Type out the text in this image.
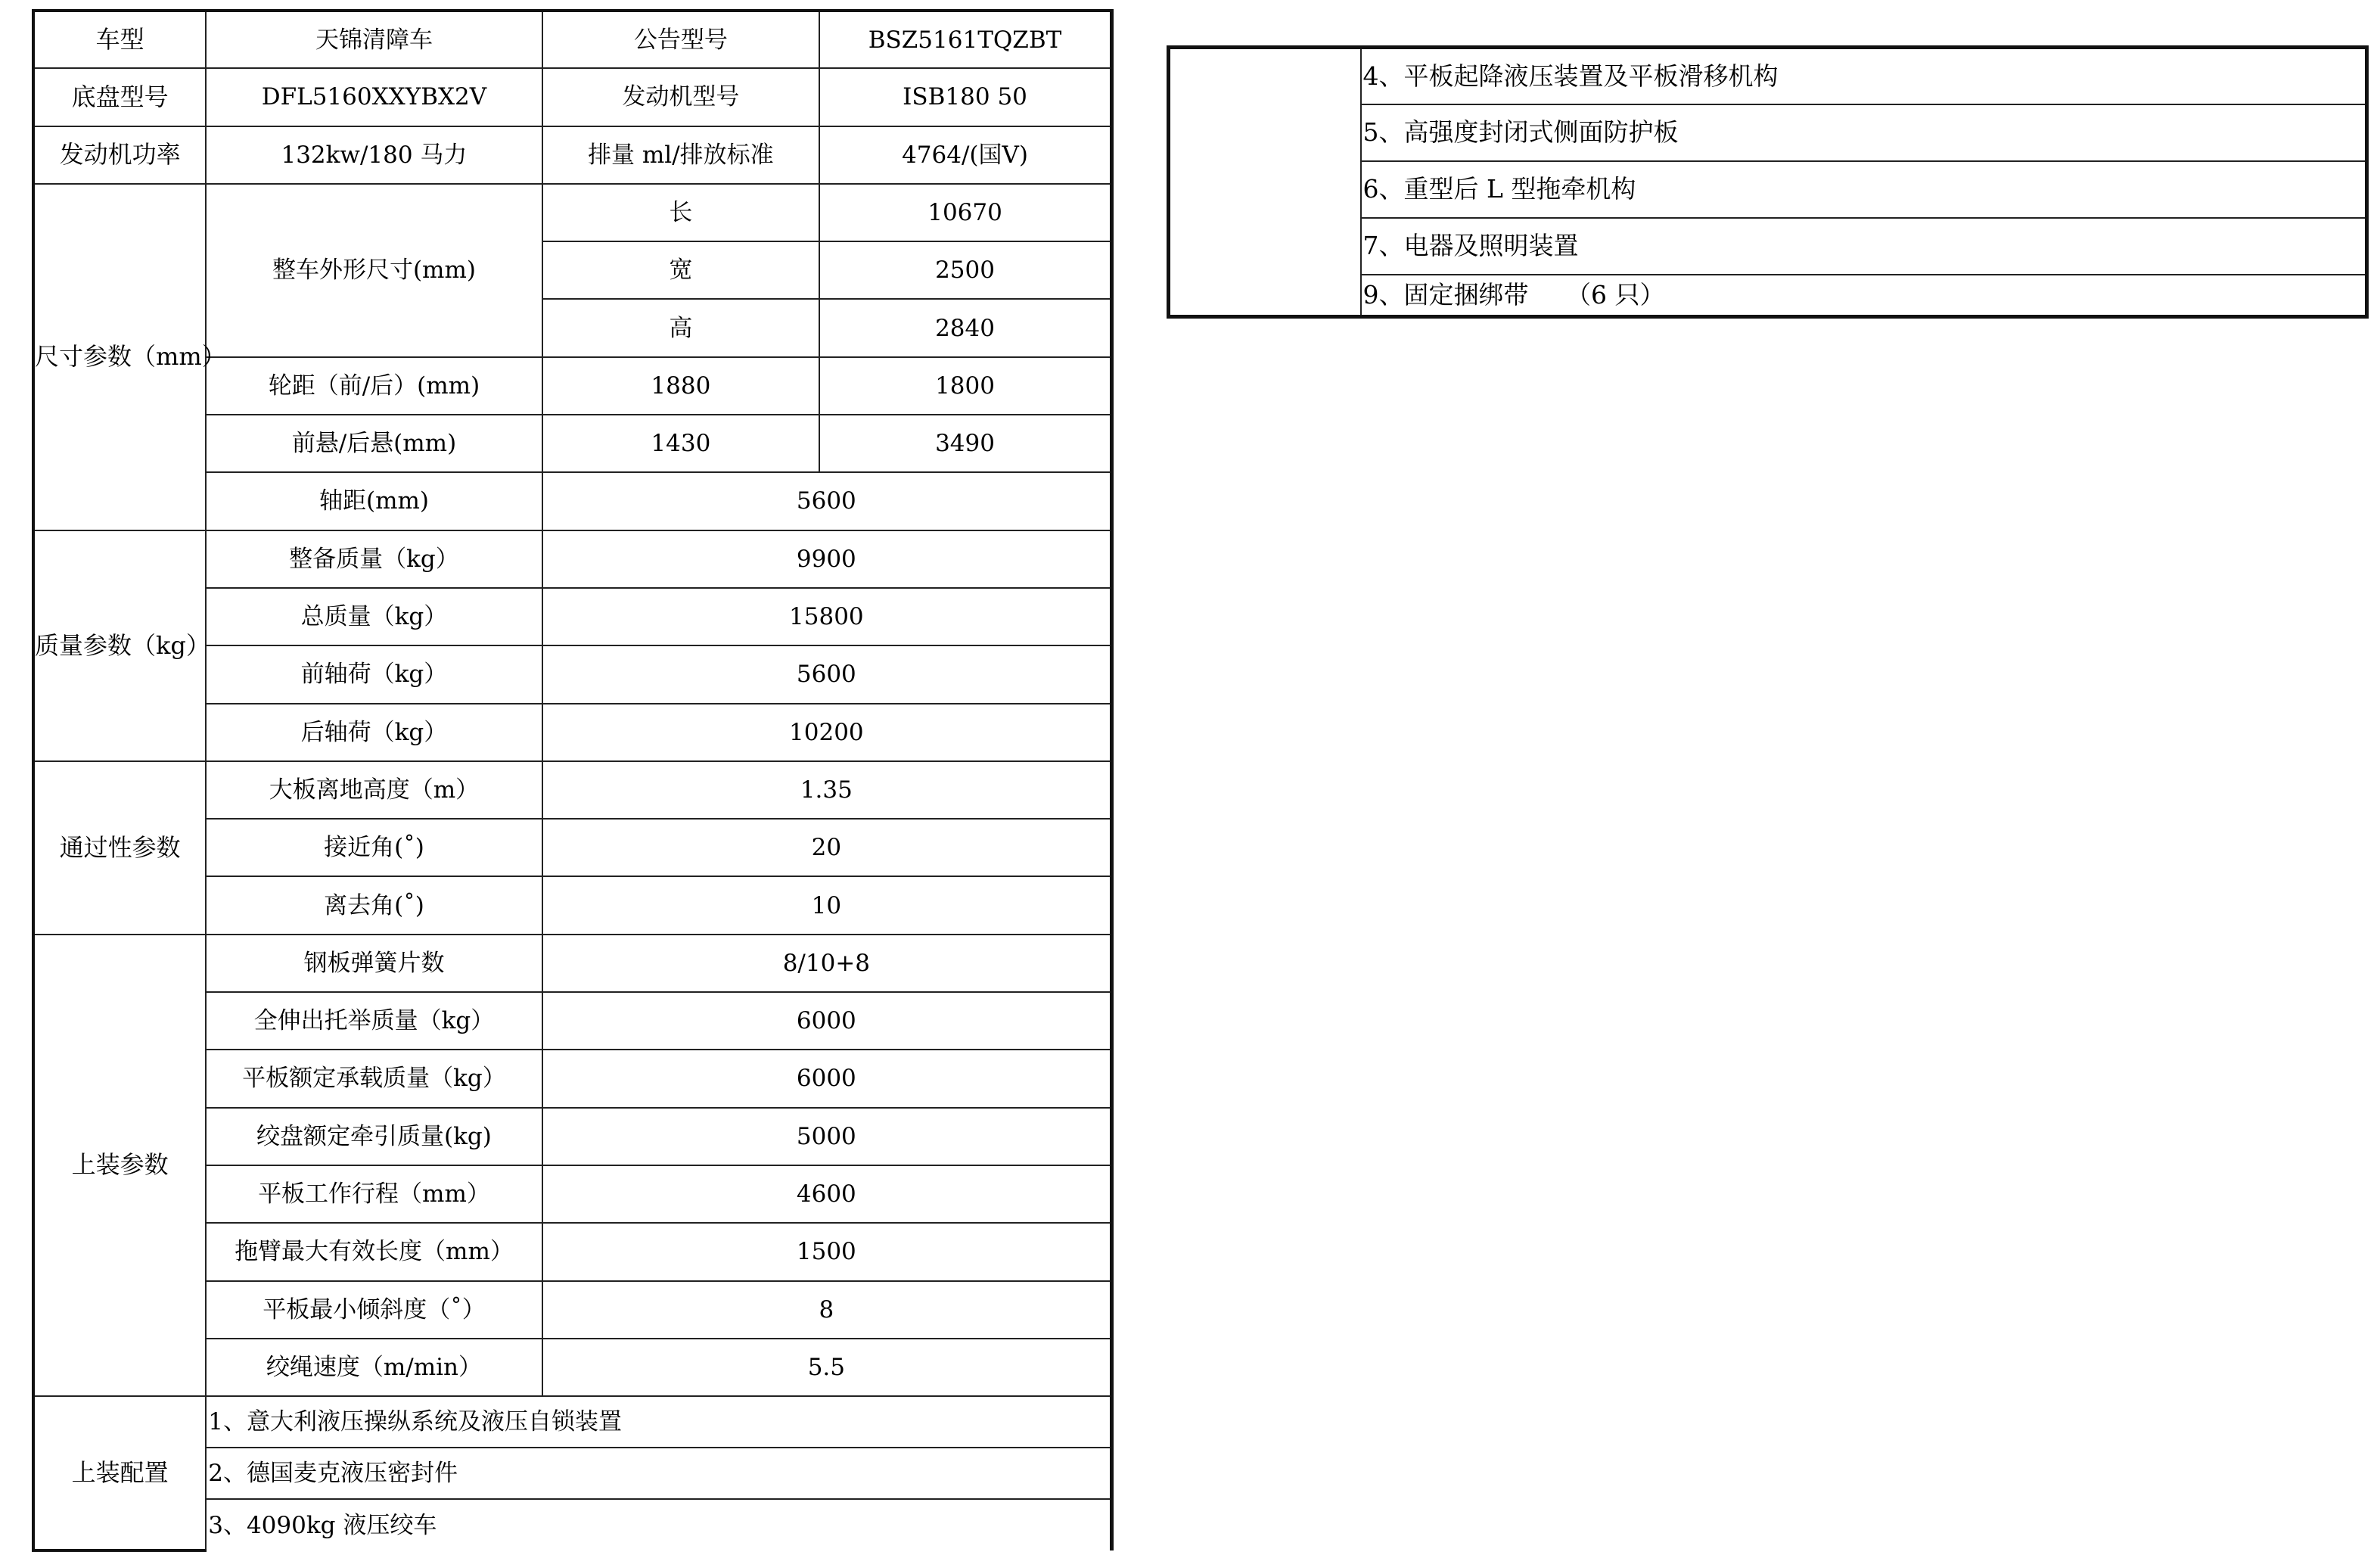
车型	天锦清障车	公告型号	BSZ5161TQZBT
底盘型号	DFL5160XXYBX2V	发动机型号	ISB180 50
发动机功率	132kw/180 马力	排量 ml/排放标准	4764/(国Ⅴ)
尺寸参数（mm）	整车外形尺寸(mm)	长	10670
		宽	2500
		高	2840
	轮距（前/后）(mm)	1880	1800
	前悬/后悬(mm)	1430	3490
	轴距(mm)	5600	
质量参数（kg）	整备质量（kg）	9900	
	总质量（kg）	15800	
	前轴荷（kg）	5600	
	后轴荷（kg）	10200	
通过性参数	大板离地高度（m）	1.35	
	接近角(˚)	20	
	离去角(˚)	10	
上装参数	钢板弹簧片数	8/10+8	
	全伸出托举质量（kg）	6000	
	平板额定承载质量（kg）	6000	
	绞盘额定牵引质量(kg)	5000	
	平板工作行程（mm）	4600	
	拖臂最大有效长度（mm）	1500	
	平板最小倾斜度（˚）	8	
	绞绳速度（m/min）	5.5	
上装配置	1、意大利液压操纵系统及液压自锁装置		
	2、德国麦克液压密封件		
	3、4090kg 液压绞车		
	4、平板起降液压装置及平板滑移机构
5、高强度封闭式侧面防护板
6、重型后 L 型拖牵机构
7、电器及照明装置
9、固定捆绑带　　（6 只）
